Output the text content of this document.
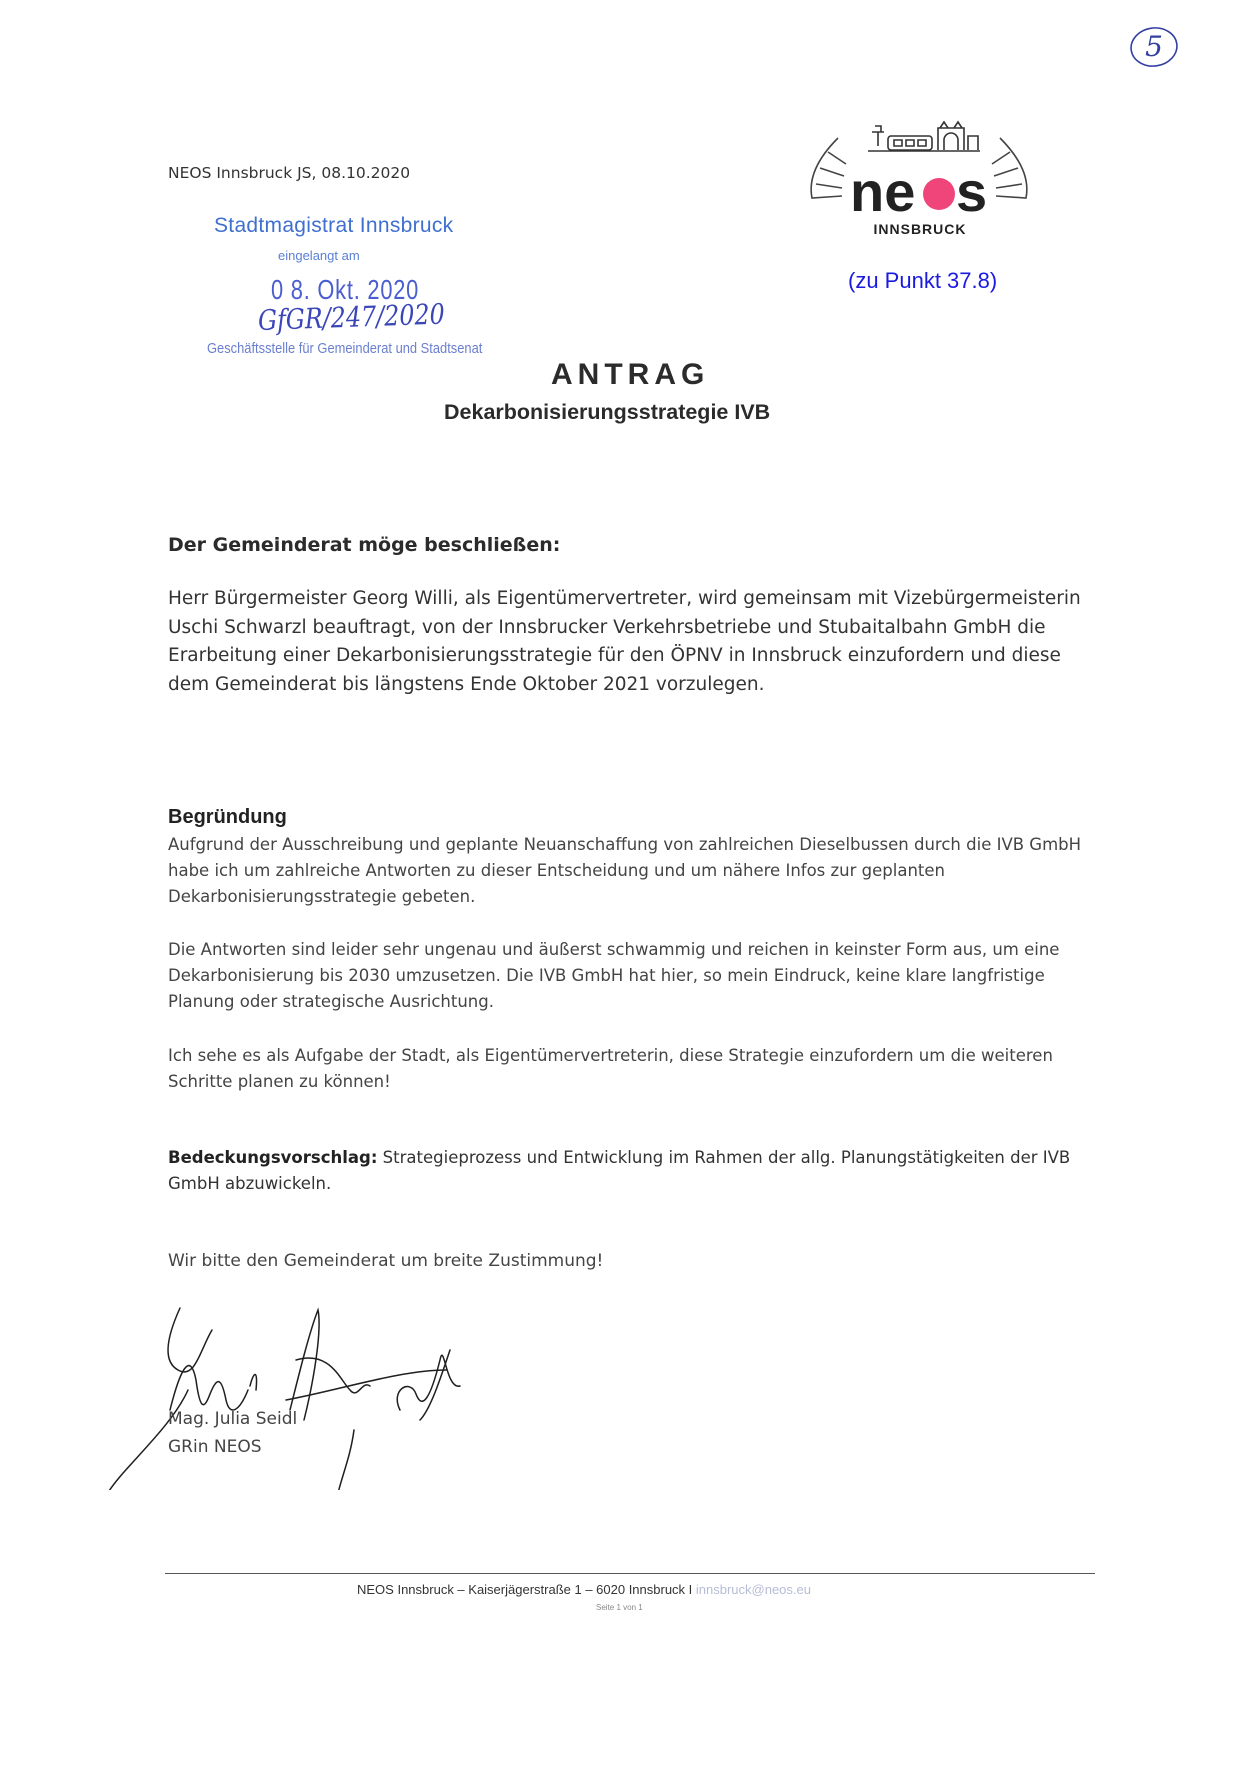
5
NEOS Innsbruck JS, 08.10.2020	ne s
INNSBRUCK
(zu Punkt 37.8)
Stadtmagistrat Innsbruck
eingelangt am
0 8. Okt. 2020
GfGR/247/2020
Geschäftsstelle für Gemeinderat und Stadtsenat
ANTRAG
Dekarbonisierungsstrategie IVB
Der Gemeinderat möge beschließen:

Herr Bürgermeister Georg Willi, als Eigentümervertreter, wird gemeinsam mit Vizebürgermeisterin Uschi Schwarzl beauftragt, von der Innsbrucker Verkehrsbetriebe und Stubaitalbahn GmbH die Erarbeitung einer Dekarbonisierungsstrategie für den ÖPNV in Innsbruck einzufordern und diese dem Gemeinderat bis längstens Ende Oktober 2021 vorzulegen.

Begründung

Aufgrund der Ausschreibung und geplante Neuanschaffung von zahlreichen Dieselbussen durch die IVB GmbH habe ich um zahlreiche Antworten zu dieser Entscheidung und um nähere Infos zur geplanten Dekarbonisierungsstrategie gebeten.

Die Antworten sind leider sehr ungenau und äußerst schwammig und reichen in keinster Form aus, um eine Dekarbonisierung bis 2030 umzusetzen. Die IVB GmbH hat hier, so mein Eindruck, keine klare langfristige Planung oder strategische Ausrichtung.

Ich sehe es als Aufgabe der Stadt, als Eigentümervertreterin, diese Strategie einzufordern um die weiteren Schritte planen zu können!

Bedeckungsvorschlag: Strategieprozess und Entwicklung im Rahmen der allg. Planungstätigkeiten der IVB GmbH abzuwickeln.

Wir bitte den Gemeinderat um breite Zustimmung!
Mag. Julia Seidl
GRin NEOS
NEOS Innsbruck – Kaiserjägerstraße 1 – 6020 Innsbruck I innsbruck@neos.eu
Seite 1 von 1
